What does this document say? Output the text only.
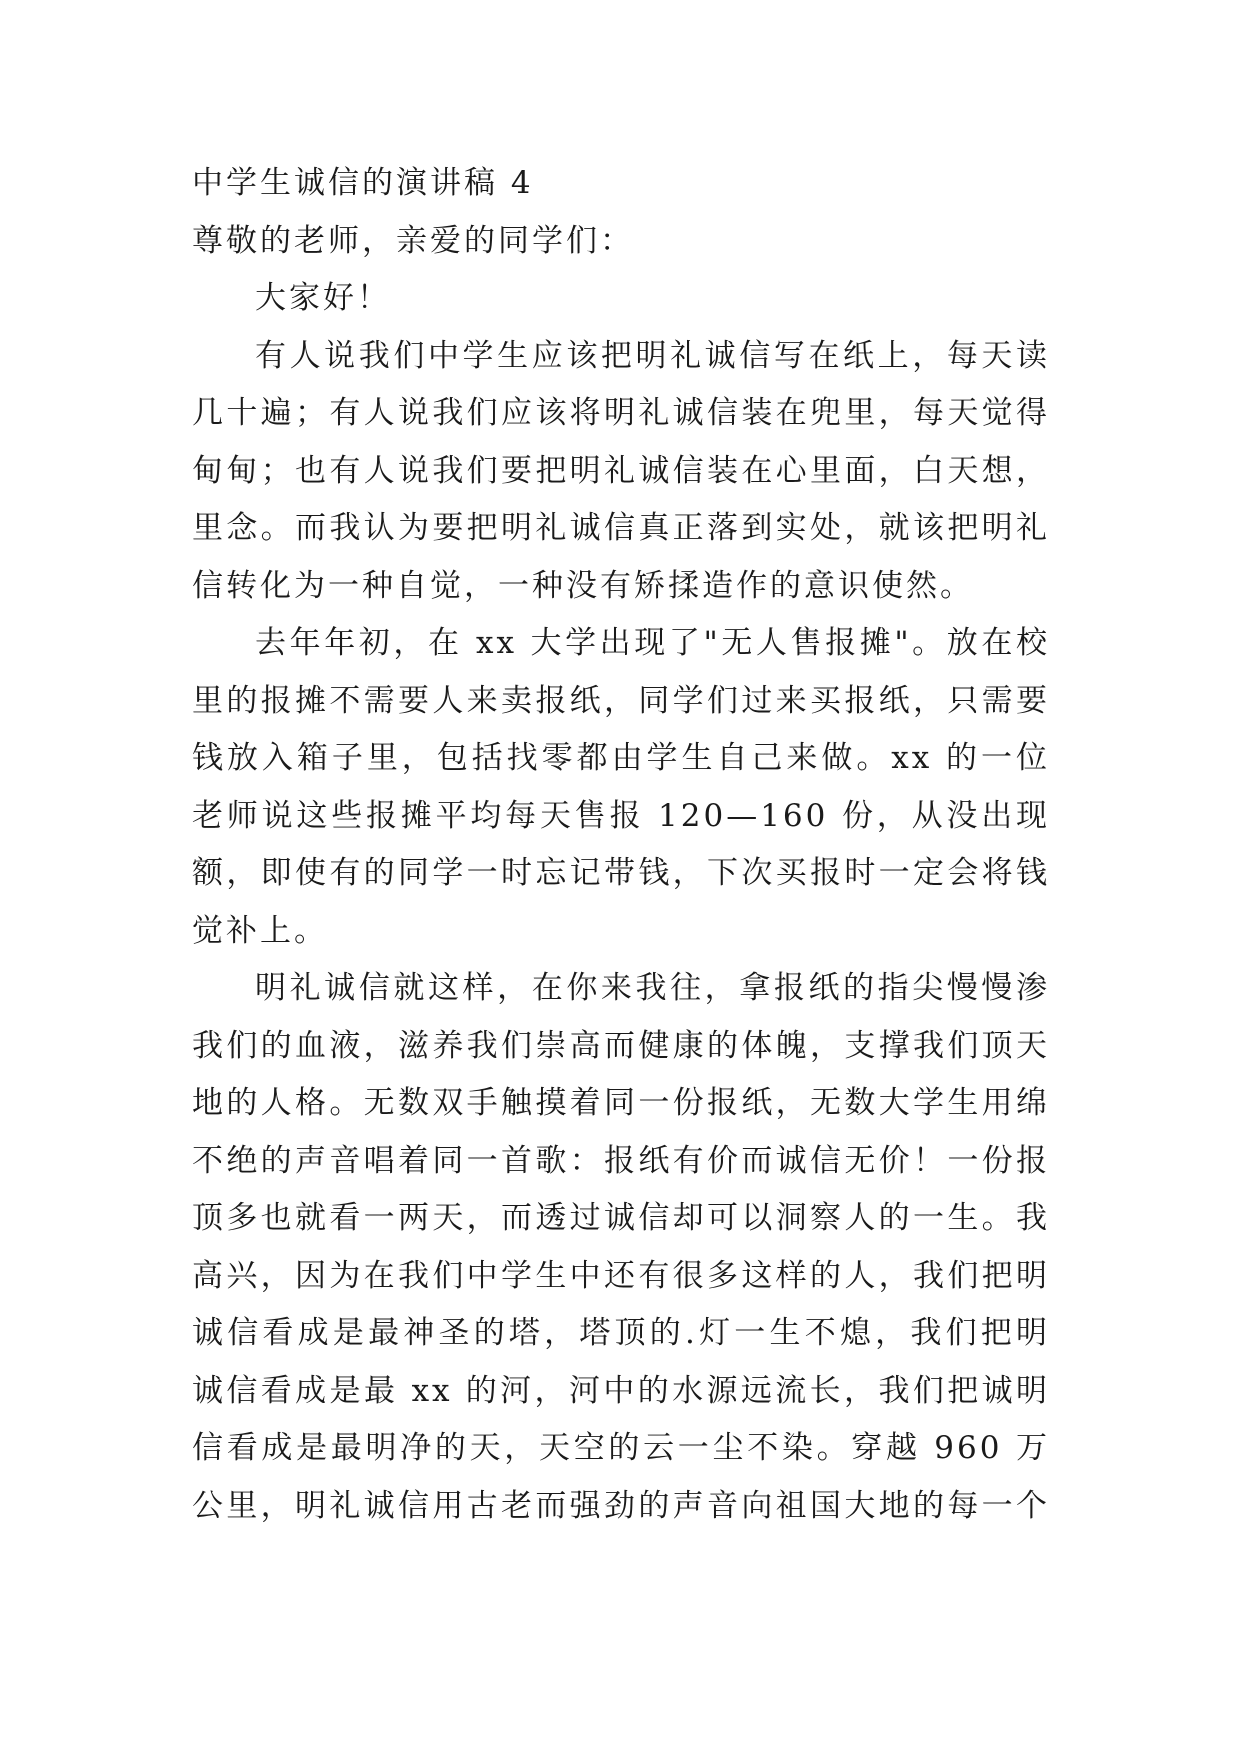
中学生诚信的演讲稿 4
尊敬的老师，亲爱的同学们：
大家好！
有人说我们中学生应该把明礼诚信写在纸上，每天读
几十遍；有人说我们应该将明礼诚信装在兜里，每天觉得
甸甸；也有人说我们要把明礼诚信装在心里面，白天想，
里念。而我认为要把明礼诚信真正落到实处，就该把明礼
信转化为一种自觉，一种没有矫揉造作的意识使然。
去年年初，在 xx 大学出现了"无人售报摊"。放在校
里的报摊不需要人来卖报纸，同学们过来买报纸，只需要
钱放入箱子里，包括找零都由学生自己来做。xx 的一位
老师说这些报摊平均每天售报 120—160 份，从没出现
额，即使有的同学一时忘记带钱，下次买报时一定会将钱
觉补上。
明礼诚信就这样，在你来我往，拿报纸的指尖慢慢渗
我们的血液，滋养我们崇高而健康的体魄，支撑我们顶天
地的人格。无数双手触摸着同一份报纸，无数大学生用绵
不绝的声音唱着同一首歌：报纸有价而诚信无价！一份报
顶多也就看一两天，而透过诚信却可以洞察人的一生。我
高兴，因为在我们中学生中还有很多这样的人，我们把明
诚信看成是最神圣的塔，塔顶的.灯一生不熄，我们把明
诚信看成是最 xx 的河，河中的水源远流长，我们把诚明
信看成是最明净的天，天空的云一尘不染。穿越 960 万
公里，明礼诚信用古老而强劲的声音向祖国大地的每一个
